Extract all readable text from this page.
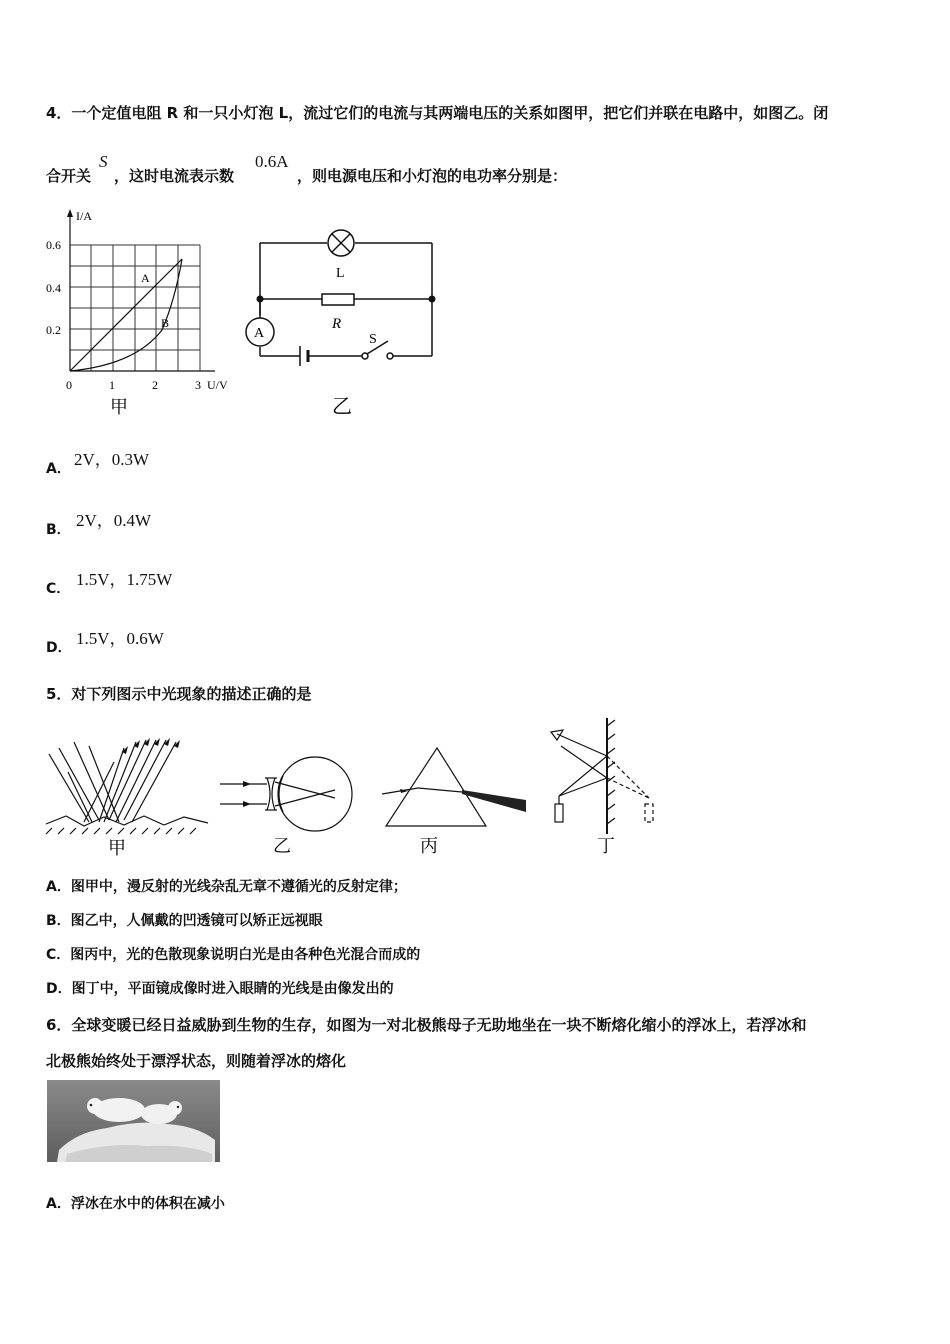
4．一个定值电阻 R 和一只小灯泡 L，流过它们的电流与其两端电压的关系如图甲，把它们并联在电路中，如图乙。闭
合开关
S
，这时电流表示数
0.6A
，则电源电压和小灯泡的电功率分别是：
I/A
0.6
0.4
0.2
0	1	2	3 U/V
A
B
甲
L
R
A	S
乙
A． 2V，0.3W
B． 2V，0.4W
C． 1.5V，1.75W
D． 1.5V，0.6W
5．对下列图示中光现象的描述正确的是
甲	乙	丙	丁
A．图甲中，漫反射的光线杂乱无章不遵循光的反射定律；
B．图乙中，人佩戴的凹透镜可以矫正远视眼
C．图丙中，光的色散现象说明白光是由各种色光混合而成的
D．图丁中，平面镜成像时进入眼睛的光线是由像发出的
6．全球变暖已经日益威胁到生物的生存，如图为一对北极熊母子无助地坐在一块不断熔化缩小的浮冰上，若浮冰和
北极熊始终处于漂浮状态，则随着浮冰的熔化
A．浮冰在水中的体积在减小
